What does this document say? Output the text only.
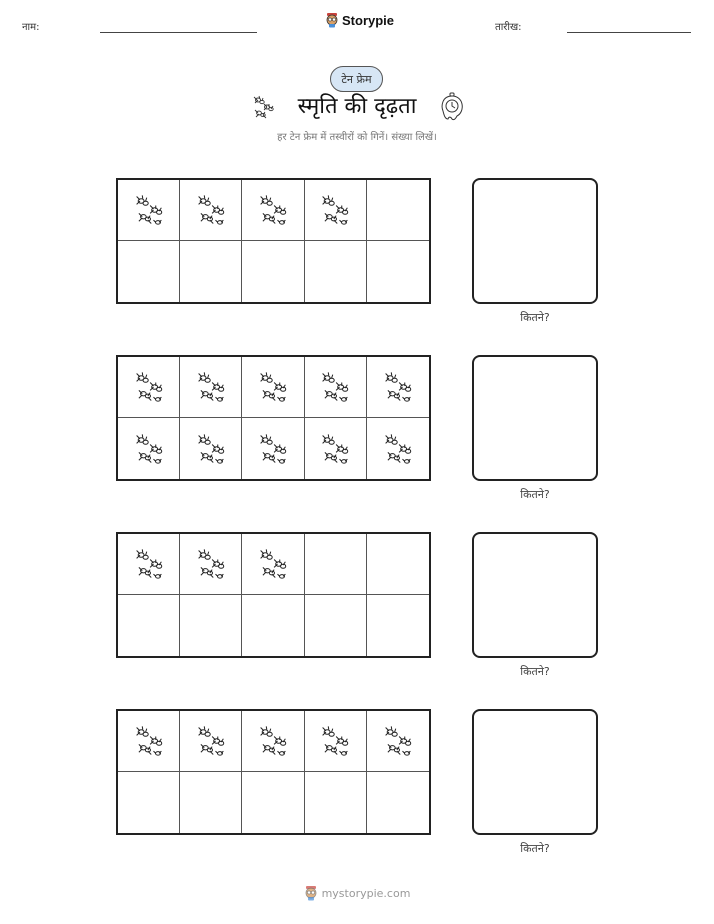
नाम:	Storypie	तारीख:
टेन फ्रेम
स्मृति की दृढ़ता
हर टेन फ्रेम में तस्वीरों को गिनें। संख्या लिखें।
कितने?
कितने?
कितने?
कितने?
mystorypie.com
